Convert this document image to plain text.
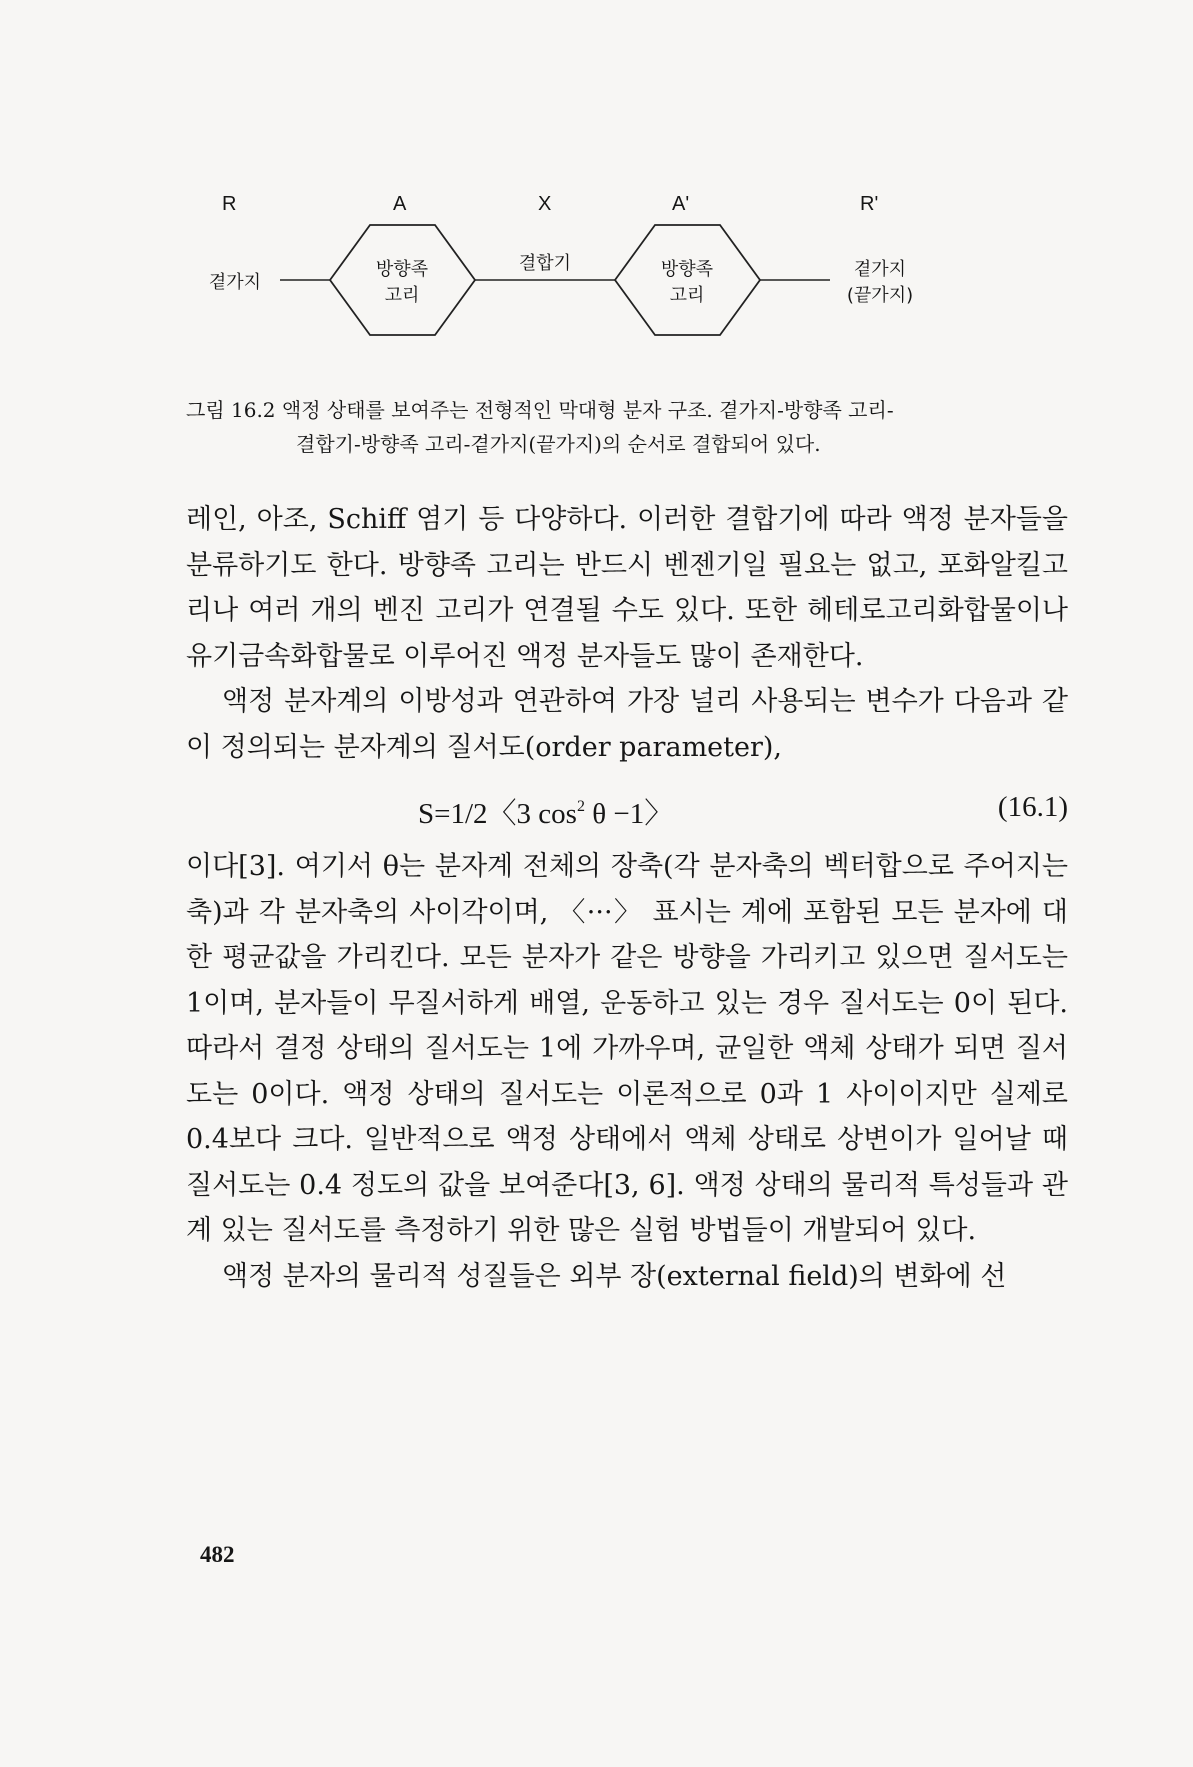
R	A	X	A'	R'
곁가지
방향족
고리
결합기	방향족
고리
곁가지
(끝가지)
그림 16.2 액정 상태를 보여주는 전형적인 막대형 분자 구조. 곁가지-방향족 고리-
결합기-방향족 고리-곁가지(끝가지)의 순서로 결합되어 있다.

레인, 아조, Schiff 염기 등 다양하다. 이러한 결합기에 따라 액정 분자들을 분류하기도 한다. 방향족 고리는 반드시 벤젠기일 필요는 없고, 포화알킬고리나 여러 개의 벤진 고리가 연결될 수도 있다. 또한 헤테로고리화합물이나 유기금속화합물로 이루어진 액정 분자들도 많이 존재한다.

액정 분자계의 이방성과 연관하여 가장 널리 사용되는 변수가 다음과 같이 정의되는 분자계의 질서도(order parameter),

S=1/2〈3 $\cos^2 \theta -1$〉	(16.1)

이다[3]. 여기서 θ는 분자계 전체의 장축(각 분자축의 벡터합으로 주어지는 축)과 각 분자축의 사이각이며, 〈···〉 표시는 계에 포함된 모든 분자에 대한 평균값을 가리킨다. 모든 분자가 같은 방향을 가리키고 있으면 질서도는 1이며, 분자들이 무질서하게 배열, 운동하고 있는 경우 질서도는 0이 된다. 따라서 결정 상태의 질서도는 1에 가까우며, 균일한 액체 상태가 되면 질서도는 0이다. 액정 상태의 질서도는 이론적으로 0과 1 사이이지만 실제로 0.4보다 크다. 일반적으로 액정 상태에서 액체 상태로 상변이가 일어날 때 질서도는 0.4 정도의 값을 보여준다[3, 6]. 액정 상태의 물리적 특성들과 관계 있는 질서도를 측정하기 위한 많은 실험 방법들이 개발되어 있다.

액정 분자의 물리적 성질들은 외부 장(external field)의 변화에 선

482
